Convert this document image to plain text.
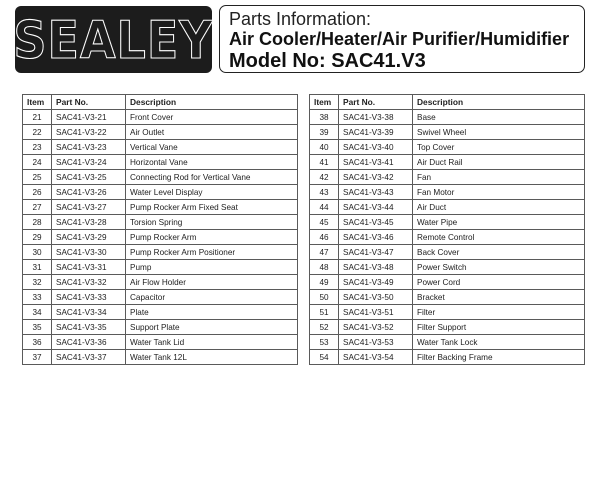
SEALEY Parts Information:
Air Cooler/Heater/Air Purifier/Humidifier
Model No: SAC41.V3
Item	Part No.	Description
21	SAC41-V3-21	Front Cover
22	SAC41-V3-22	Air Outlet
23	SAC41-V3-23	Vertical Vane
24	SAC41-V3-24	Horizontal Vane
25	SAC41-V3-25	Connecting Rod for Vertical Vane
26	SAC41-V3-26	Water Level Display
27	SAC41-V3-27	Pump Rocker Arm Fixed Seat
28	SAC41-V3-28	Torsion Spring
29	SAC41-V3-29	Pump Rocker Arm
30	SAC41-V3-30	Pump Rocker Arm Positioner
31	SAC41-V3-31	Pump
32	SAC41-V3-32	Air Flow Holder
33	SAC41-V3-33	Capacitor
34	SAC41-V3-34	Plate
35	SAC41-V3-35	Support Plate
36	SAC41-V3-36	Water Tank Lid
37	SAC41-V3-37	Water Tank 12L
Item	Part No.	Description
38	SAC41-V3-38	Base
39	SAC41-V3-39	Swivel Wheel
40	SAC41-V3-40	Top Cover
41	SAC41-V3-41	Air Duct Rail
42	SAC41-V3-42	Fan
43	SAC41-V3-43	Fan Motor
44	SAC41-V3-44	Air Duct
45	SAC41-V3-45	Water Pipe
46	SAC41-V3-46	Remote Control
47	SAC41-V3-47	Back Cover
48	SAC41-V3-48	Power Switch
49	SAC41-V3-49	Power Cord
50	SAC41-V3-50	Bracket
51	SAC41-V3-51	Filter
52	SAC41-V3-52	Filter Support
53	SAC41-V3-53	Water Tank Lock
54	SAC41-V3-54	Filter Backing Frame
